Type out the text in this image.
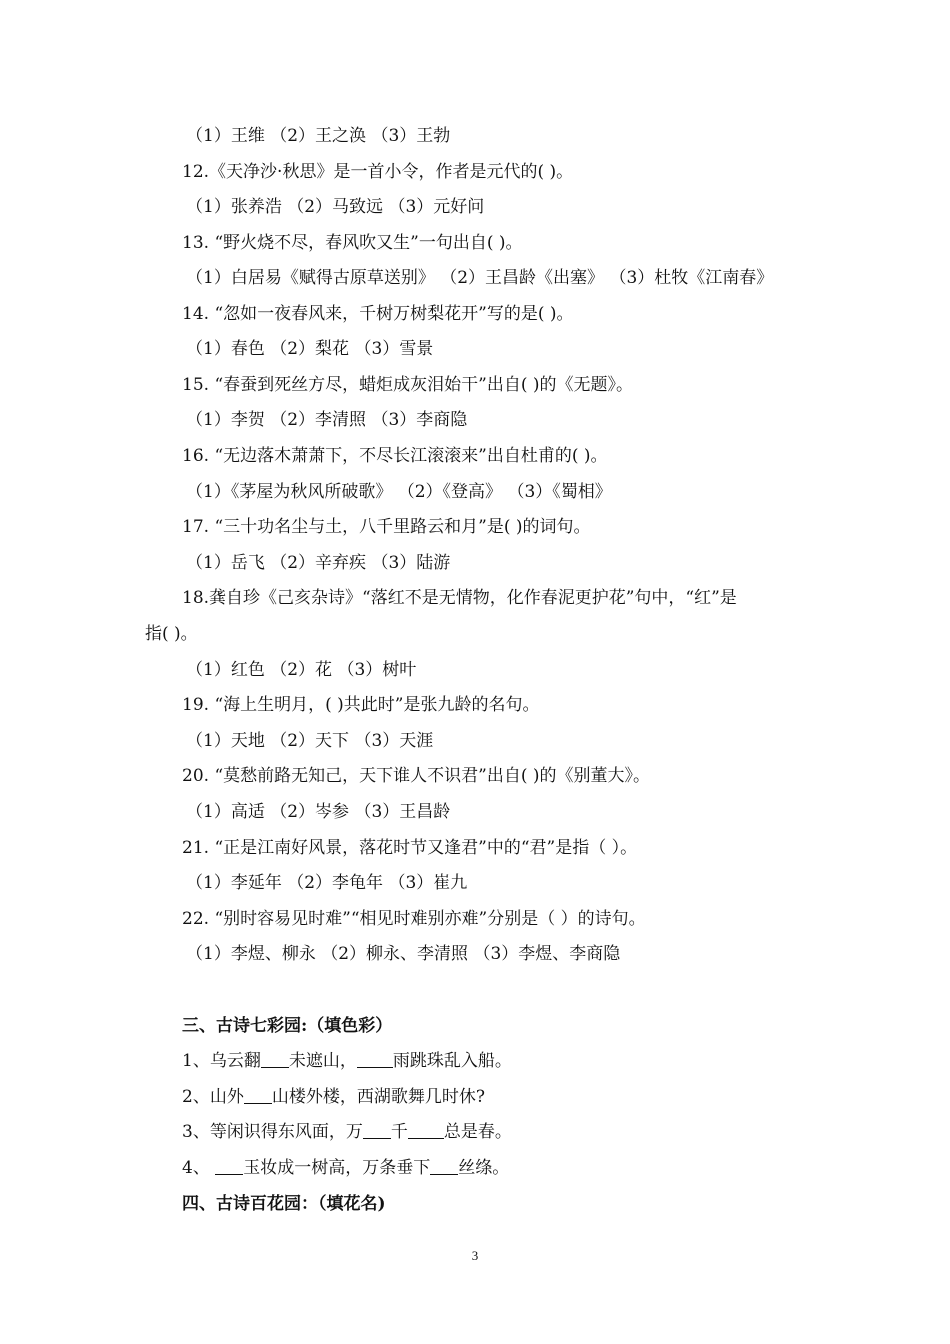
（1）王维 （2）王之涣 （3）王勃
12.《天净沙·秋思》是一首小令，作者是元代的( )。
（1）张养浩 （2）马致远 （3）元好问
13. “野火烧不尽，春风吹又生”一句出自( )。
（1）白居易《赋得古原草送别》 （2）王昌龄《出塞》 （3）杜牧《江南春》
14. “忽如一夜春风来，千树万树梨花开”写的是( )。
（1）春色 （2）梨花 （3）雪景
15. “春蚕到死丝方尽，蜡炬成灰泪始干”出自( )的《无题》。
（1）李贺 （2）李清照 （3）李商隐
16. “无边落木萧萧下，不尽长江滚滚来”出自杜甫的( )。
（1）《茅屋为秋风所破歌》 （2）《登高》 （3）《蜀相》
17. “三十功名尘与土，八千里路云和月”是( )的词句。
（1）岳飞 （2）辛弃疾 （3）陆游
18.龚自珍《己亥杂诗》“落红不是无情物，化作春泥更护花”句中，“红”是
指( )。
（1）红色 （2）花 （3）树叶
19. “海上生明月，( )共此时”是张九龄的名句。
（1）天地 （2）天下 （3）天涯
20. “莫愁前路无知己，天下谁人不识君”出自( )的《别董大》。
（1）高适 （2）岑参 （3）王昌龄
21. “正是江南好风景，落花时节又逢君”中的“君”是指（ ）。
（1）李延年 （2）李龟年 （3）崔九
22. “别时容易见时难”“相见时难别亦难”分别是（ ）的诗句。
（1）李煜、柳永 （2）柳永、李清照 （3）李煜、李商隐
三、古诗七彩园:（填色彩）
1、乌云翻 未遮山， 雨跳珠乱入船。
2、山外 山楼外楼，西湖歌舞几时休?
3、等闲识得东风面，万 千 总是春。
4、 玉妆成一树高，万条垂下 丝绦。
四、古诗百花园：（填花名)
3
